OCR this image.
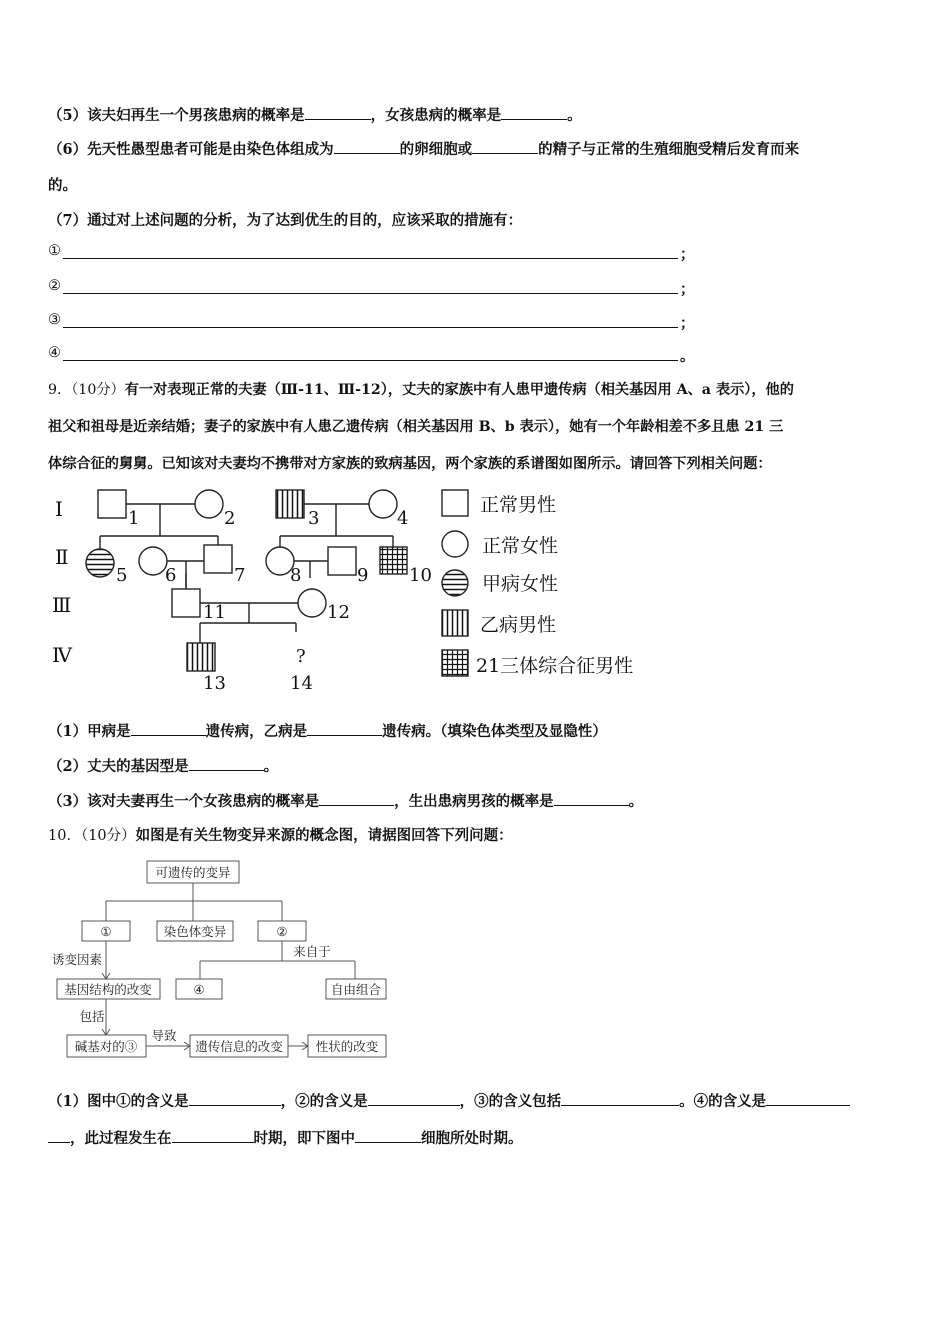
（5）该夫妇再生一个男孩患病的概率是	，女孩患病的概率是	。
（6）先天性愚型患者可能是由染色体组成为	的卵细胞或	的精子与正常的生殖细胞受精后发育而来
的。
（7）通过对上述问题的分析，为了达到优生的目的，应该采取的措施有：
①	；
②	；
③	；
④	。
9．（10分）有一对表现正常的夫妻（Ⅲ-11、Ⅲ-12），丈夫的家族中有人患甲遗传病（相关基因用 A、a 表示），他的
祖父和祖母是近亲结婚；妻子的家族中有人患乙遗传病（相关基因用 B、b 表示），她有一个年龄相差不多且患 21 三
体综合征的舅舅。已知该对夫妻均不携带对方家族的致病基因，两个家族的系谱图如图所示。请回答下列相关问题：
Ⅰ
Ⅱ
Ⅲ
Ⅳ
1	2	3	4
5 6	7 8	9 10
11	12
13	14
?
正常男性
正常女性
甲病女性
乙病男性
21三体综合征男性
（1）甲病是	遗传病，乙病是	遗传病。（填染色体类型及显隐性）
（2）丈夫的基因型是	。
（3）该对夫妻再生一个女孩患病的概率是	，生出患病男孩的概率是	。
10．（10分）如图是有关生物变异来源的概念图，请据图回答下列问题：
可遗传的变异
①	染色体变异	②
来自于
诱变因素
基因结构的改变	④	自由组合
包括
碱基对的③
导致
遗传信息的改变	性状的改变
（1）图中①的含义是	，②的含义是	，③的含义包括	。④的含义是
，此过程发生在	时期，即下图中	细胞所处时期。
